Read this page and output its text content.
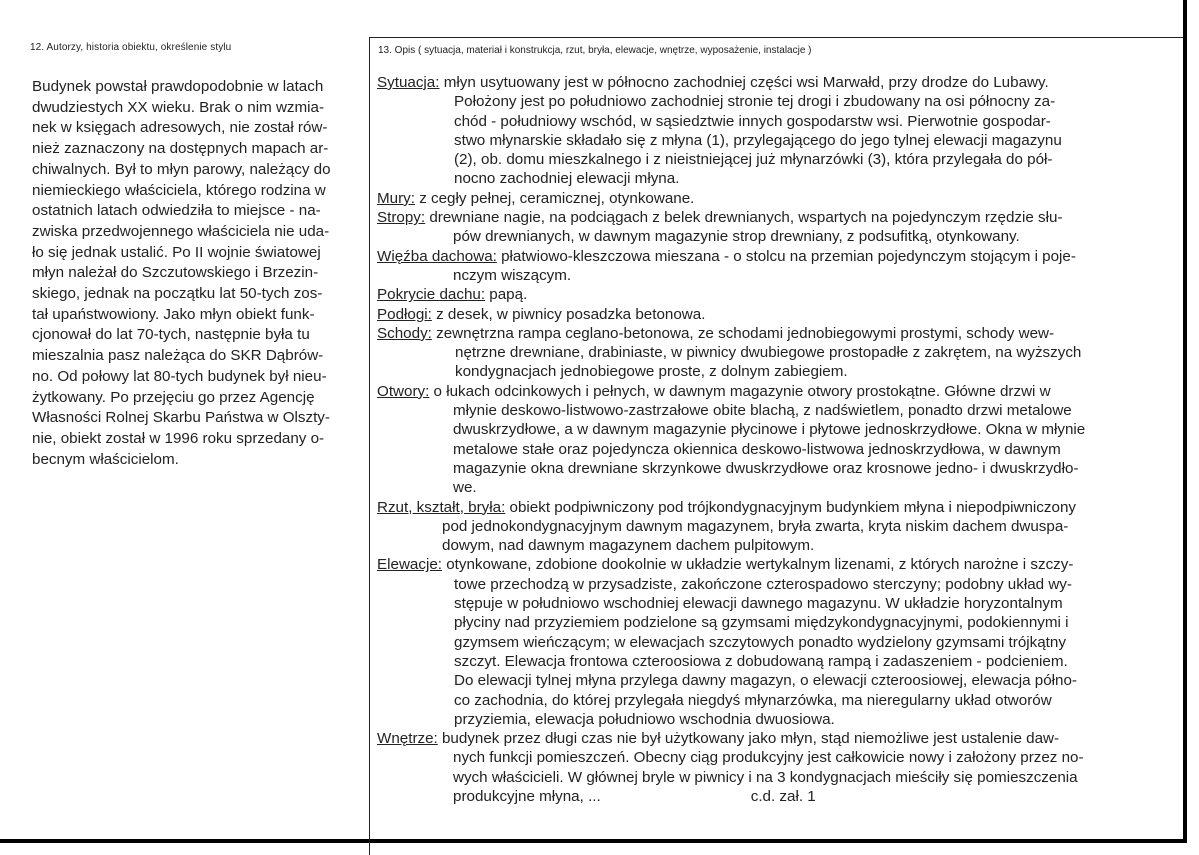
12. Autorzy, historia obiektu, określenie stylu
Budynek powstał prawdopodobnie w latach
dwudziestych XX wieku. Brak o nim wzmia-
nek w księgach adresowych, nie został rów-
nież zaznaczony na dostępnych mapach ar-
chiwalnych. Był to młyn parowy, należący do
niemieckiego właściciela, którego rodzina w
ostatnich latach odwiedziła to miejsce - na-
zwiska przedwojennego właściciela nie uda-
ło się jednak ustalić. Po II wojnie światowej
młyn należał do Szczutowskiego i Brzezin-
skiego, jednak na początku lat 50-tych zos-
tał upaństwowiony. Jako młyn obiekt funk-
cjonował do lat 70-tych, następnie była tu
mieszalnia pasz należąca do SKR Dąbrów-
no. Od połowy lat 80-tych budynek był nieu-
żytkowany. Po przejęciu go przez Agencję
Własności Rolnej Skarbu Państwa w Olszty-
nie, obiekt został w 1996 roku sprzedany o-
becnym właścicielom.
13. Opis ( sytuacja, materiał i konstrukcja, rzut, bryła, elewacje, wnętrze, wyposażenie, instalacje )
Sytuacja: młyn usytuowany jest w północno zachodniej części wsi Marwałd, przy drodze do Lubawy.
Położony jest po południowo zachodniej stronie tej drogi i zbudowany na osi północny za-
chód - południowy wschód, w sąsiedztwie innych gospodarstw wsi. Pierwotnie gospodar-
stwo młynarskie składało się z młyna (1), przylegającego do jego tylnej elewacji magazynu
(2), ob. domu mieszkalnego i z nieistniejącej już młynarzówki (3), która przylegała do pół-
nocno zachodniej elewacji młyna.
Mury: z cegły pełnej, ceramicznej, otynkowane.
Stropy: drewniane nagie, na podciągach z belek drewnianych, wspartych na pojedynczym rzędzie słu-
pów drewnianych, w dawnym magazynie strop drewniany, z podsufitką, otynkowany.
Więźba dachowa: płatwiowo-kleszczowa mieszana - o stolcu na przemian pojedynczym stojącym i poje-
nczym wiszącym.
Pokrycie dachu: papą.
Podłogi: z desek, w piwnicy posadzka betonowa.
Schody: zewnętrzna rampa ceglano-betonowa, ze schodami jednobiegowymi prostymi, schody wew-
nętrzne drewniane, drabiniaste, w piwnicy dwubiegowe prostopadłe z zakrętem, na wyższych
kondygnacjach jednobiegowe proste, z dolnym zabiegiem.
Otwory: o łukach odcinkowych i pełnych, w dawnym magazynie otwory prostokątne. Główne drzwi w
młynie deskowo-listwowo-zastrzałowe obite blachą, z nadświetlem, ponadto drzwi metalowe
dwuskrzydłowe, a w dawnym magazynie płycinowe i płytowe jednoskrzydłowe. Okna w młynie
metalowe stałe oraz pojedyncza okiennica deskowo-listwowa jednoskrzydłowa, w dawnym
magazynie okna drewniane skrzynkowe dwuskrzydłowe oraz krosnowe jedno- i dwuskrzydło-
we.
Rzut, kształt, bryła: obiekt podpiwniczony pod trójkondygnacyjnym budynkiem młyna i niepodpiwniczony
pod jednokondygnacyjnym dawnym magazynem, bryła zwarta, kryta niskim dachem dwuspa-
dowym, nad dawnym magazynem dachem pulpitowym.
Elewacje: otynkowane, zdobione dookolnie w układzie wertykalnym lizenami, z których narożne i szczy-
towe przechodzą w przysadziste, zakończone czterospadowo sterczyny; podobny układ wy-
stępuje w południowo wschodniej elewacji dawnego magazynu. W układzie horyzontalnym
płyciny nad przyziemiem podzielone są gzymsami międzykondygnacyjnymi, podokiennymi i
gzymsem wieńczącym; w elewacjach szczytowych ponadto wydzielony gzymsami trójkątny
szczyt. Elewacja frontowa czteroosiowa z dobudowaną rampą i zadaszeniem - podcieniem.
Do elewacji tylnej młyna przylega dawny magazyn, o elewacji czteroosiowej, elewacja półno-
co zachodnia, do której przylegała niegdyś młynarzówka, ma nieregularny układ otworów
przyziemia, elewacja południowo wschodnia dwuosiowa.
Wnętrze: budynek przez długi czas nie był użytkowany jako młyn, stąd niemożliwe jest ustalenie daw-
nych funkcji pomieszczeń. Obecny ciąg produkcyjny jest całkowicie nowy i założony przez no-
wych właścicieli. W głównej bryle w piwnicy i na 3 kondygnacjach mieściły się pomieszczenia
produkcyjne młyna, ...	c.d. zał. 1
